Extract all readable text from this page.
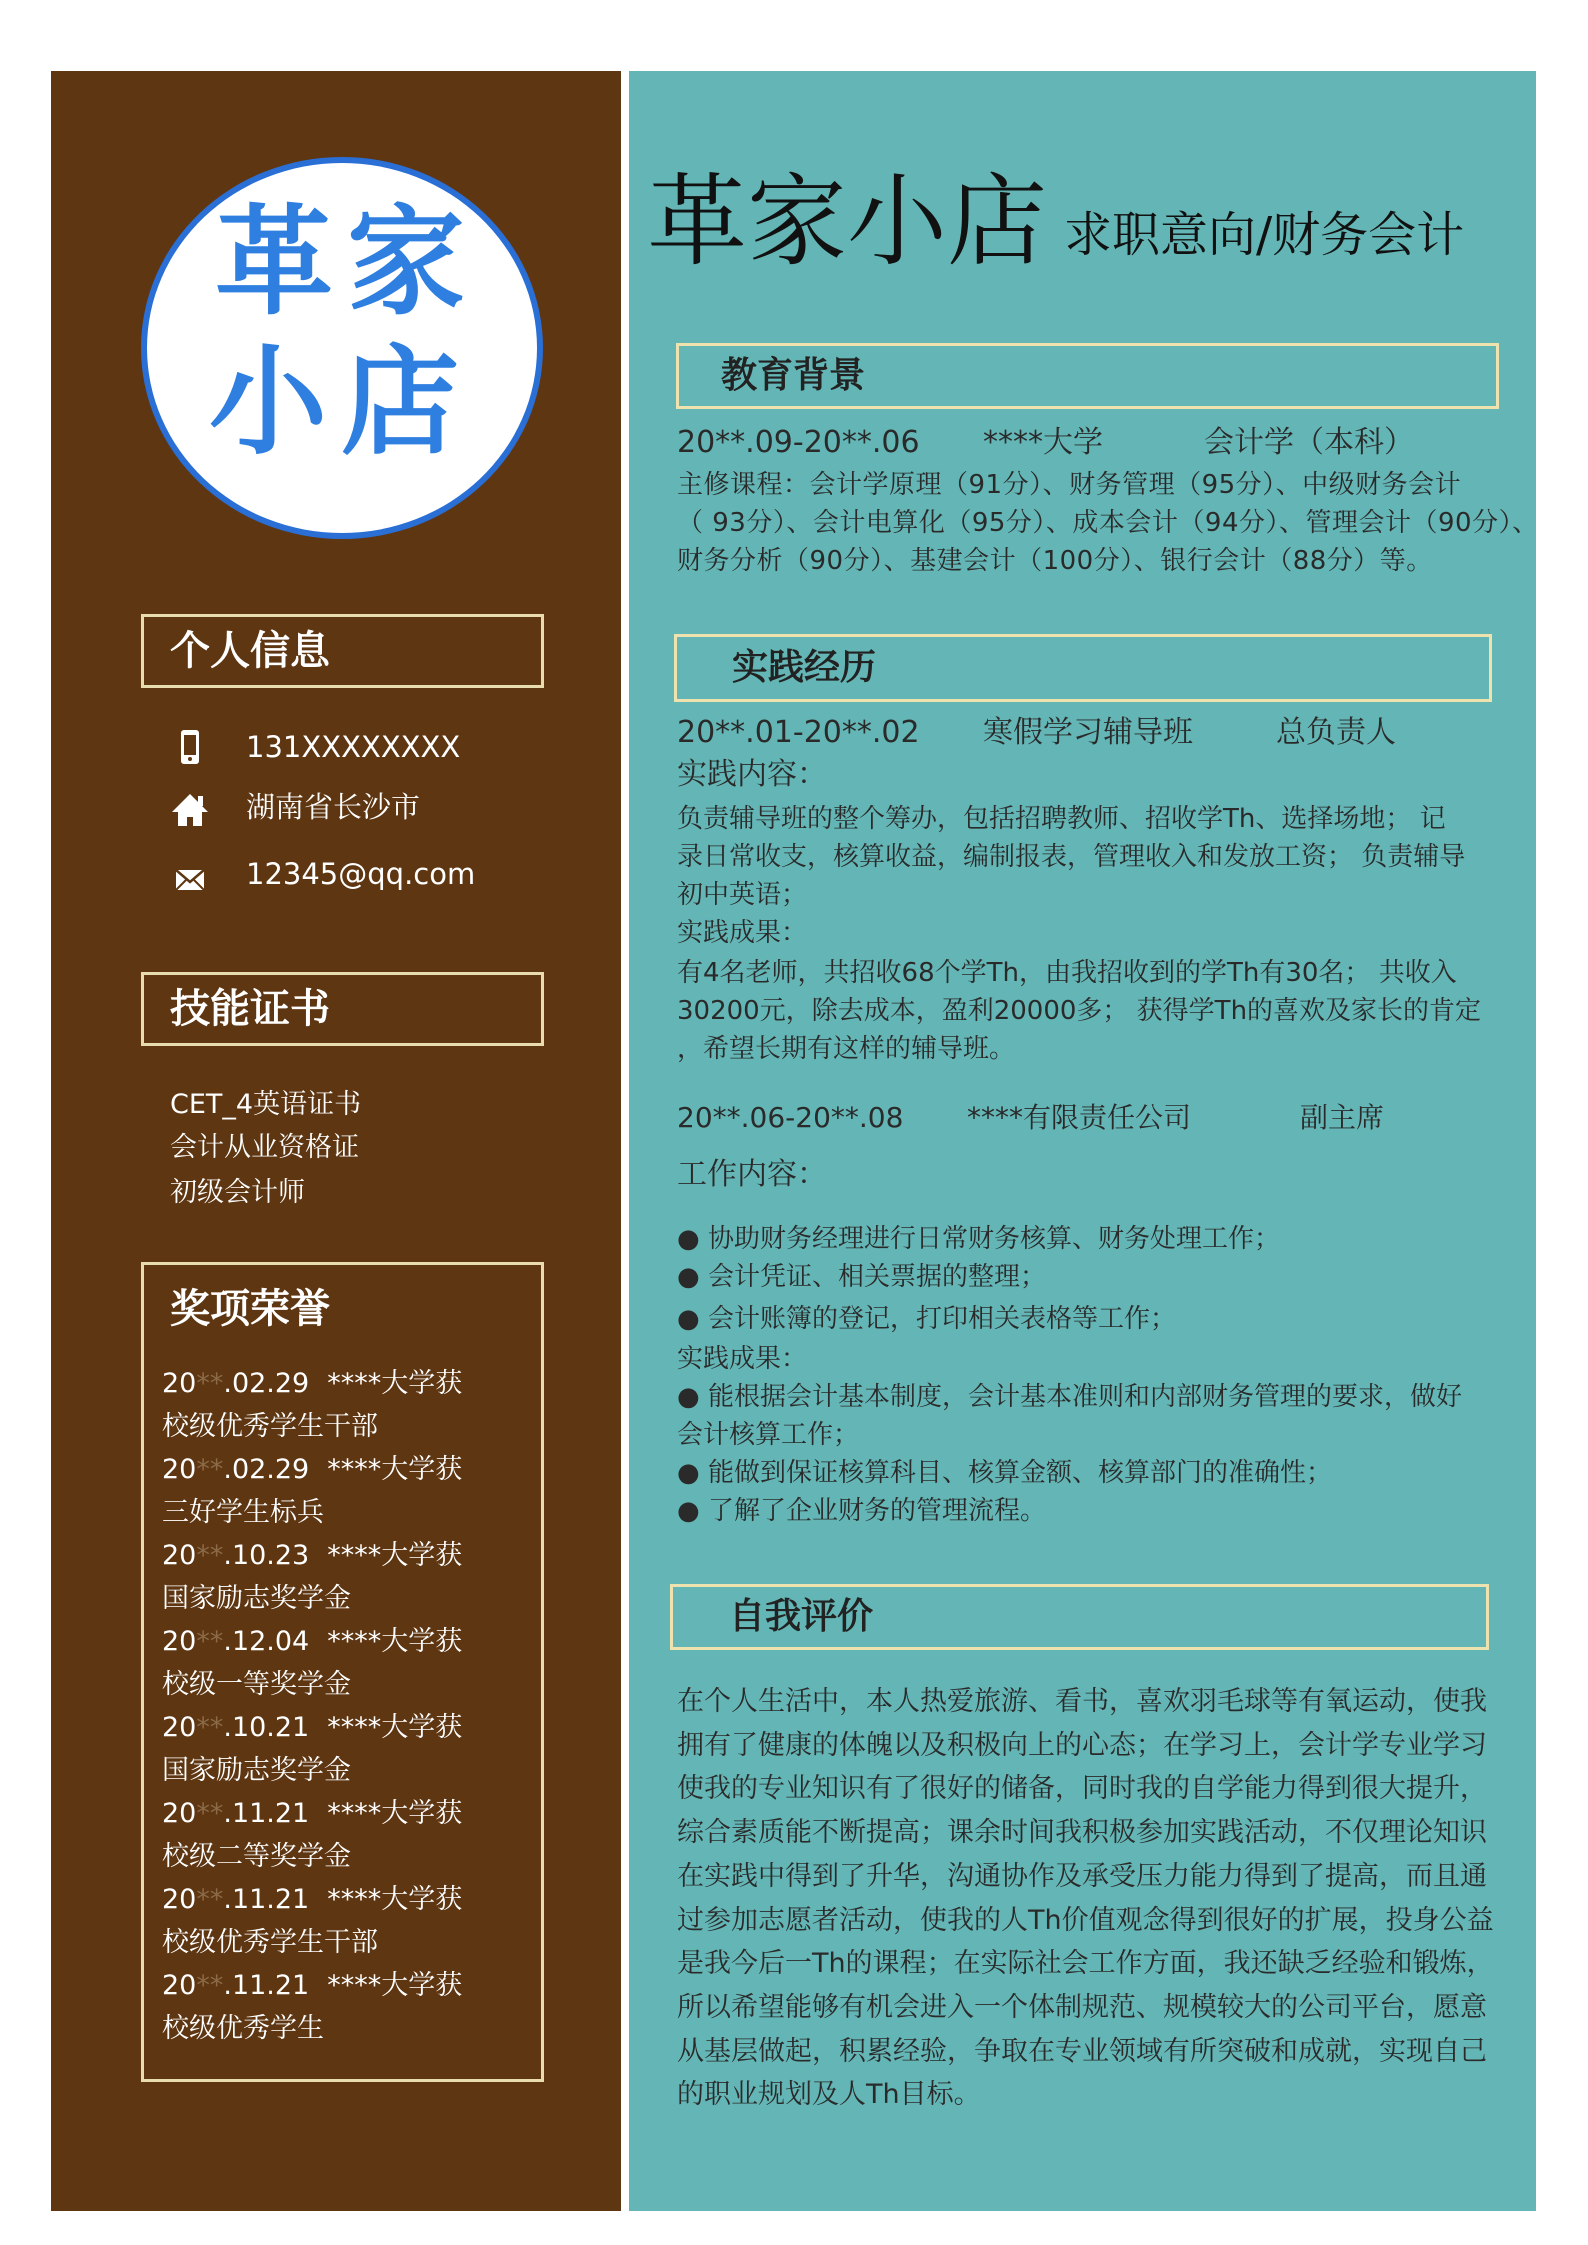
革 家
小 店
个人信息
131XXXXXXXX
湖南省长沙市
12345@qq.com
技能证书
CET_4英语证书
会计从业资格证
初级会计师
奖项荣誉
20**.02.29 ****大学获
校级优秀学生干部
20**.02.29 ****大学获
三好学生标兵
20**.10.23 ****大学获
国家励志奖学金
20**.12.04 ****大学获
校级一等奖学金
20**.10.21 ****大学获
国家励志奖学金
20**.11.21 ****大学获
校级二等奖学金
20**.11.21 ****大学获
校级优秀学生干部
20**.11.21 ****大学获
校级优秀学生
革家小店 求职意向/财务会计
教育背景
20**.09-20**.06 ****大学	会计学（本科）
主修课程：会计学原理（91分）、财务管理（95分）、中级财务会计
（ 93分）、会计电算化（95分）、成本会计（94分）、管理会计（90分）、
财务分析（90分）、基建会计（100分）、银行会计（88分）等。
实践经历
20**.01-20**.02 寒假学习辅导班	总负责人
实践内容：
负责辅导班的整个筹办，包括招聘教师、招收学Th、选择场地； 记
录日常收支，核算收益，编制报表，管理收入和发放工资； 负责辅导
初中英语；
实践成果：
有4名老师，共招收68个学Th，由我招收到的学Th有30名； 共收入
30200元，除去成本，盈利20000多； 获得学Th的喜欢及家长的肯定
，希望长期有这样的辅导班。
20**.06-20**.08 ****有限责任公司	副主席
工作内容：
● 协助财务经理进行日常财务核算、财务处理工作；
● 会计凭证、相关票据的整理；
● 会计账簿的登记，打印相关表格等工作；
实践成果：
● 能根据会计基本制度，会计基本准则和内部财务管理的要求，做好
会计核算工作；
● 能做到保证核算科目、核算金额、核算部门的准确性；
● 了解了企业财务的管理流程。
自我评价
在个人生活中，本人热爱旅游、看书，喜欢羽毛球等有氧运动，使我
拥有了健康的体魄以及积极向上的心态；在学习上，会计学专业学习
使我的专业知识有了很好的储备，同时我的自学能力得到很大提升，
综合素质能不断提高；课余时间我积极参加实践活动，不仅理论知识
在实践中得到了升华，沟通协作及承受压力能力得到了提高，而且通
过参加志愿者活动，使我的人Th价值观念得到很好的扩展，投身公益
是我今后一Th的课程；在实际社会工作方面，我还缺乏经验和锻炼，
所以希望能够有机会进入一个体制规范、规模较大的公司平台，愿意
从基层做起，积累经验，争取在专业领域有所突破和成就，实现自己
的职业规划及人Th目标。
